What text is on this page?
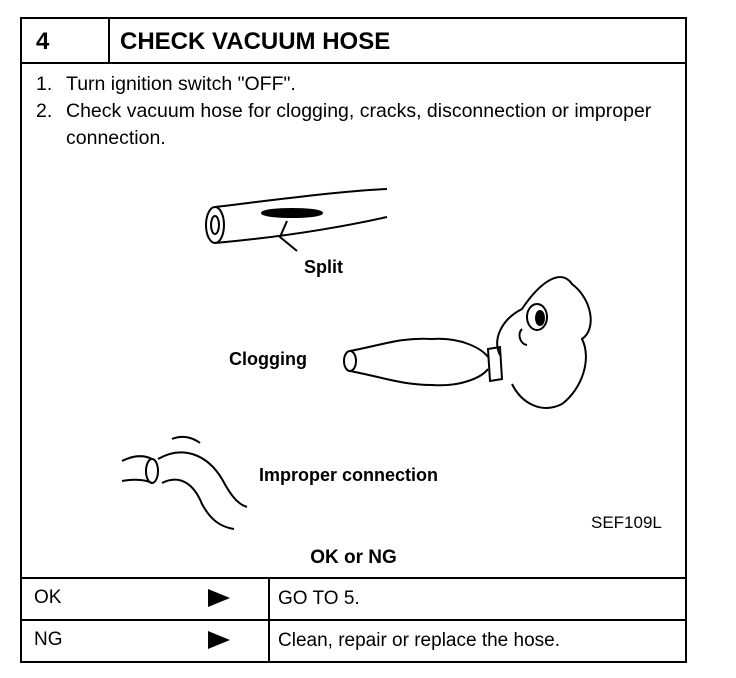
4	CHECK VACUUM HOSE
1. Turn ignition switch "OFF".
2. Check vacuum hose for clogging, cracks, disconnection or improper connection.
Split
Clogging
Improper connection
SEF109L
OK or NG
OK	GO TO 5.
NG	Clean, repair or replace the hose.
